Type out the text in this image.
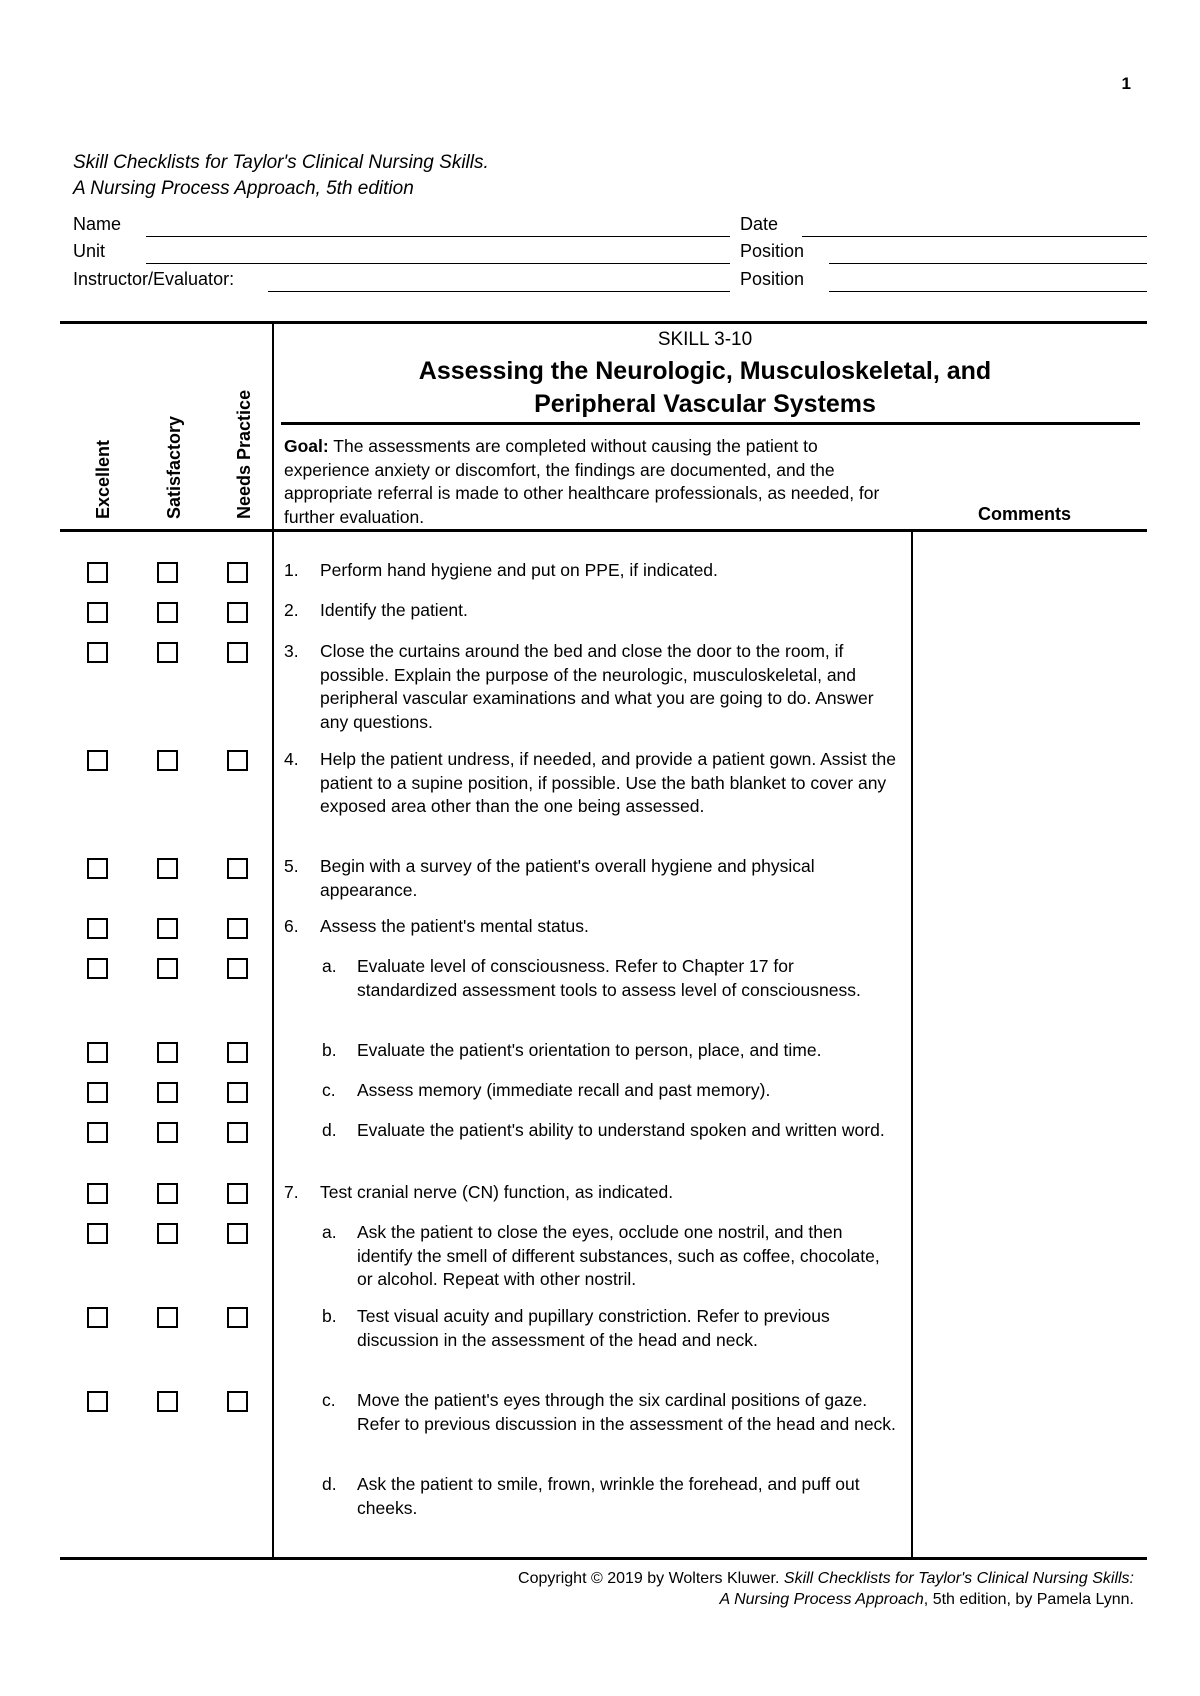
1
Skill Checklists for Taylor's Clinical Nursing Skills.
A Nursing Process Approach, 5th edition
Name
Unit
Instructor/Evaluator:
Date
Position
Position
Excellent	Satisfactory	Needs Practice
SKILL 3-10
Assessing the Neurologic, Musculoskeletal, and
Peripheral Vascular Systems
Goal: The assessments are completed without causing the patient to experience anxiety or discomfort, the findings are documented, and the appropriate referral is made to other healthcare professionals, as needed, for further evaluation.	Comments
1. Perform hand hygiene and put on PPE, if indicated.
2. Identify the patient.
3. Close the curtains around the bed and close the door to the room, if possible. Explain the purpose of the neurologic, musculoskeletal, and peripheral vascular examinations and what you are going to do. Answer any questions.
4. Help the patient undress, if needed, and provide a patient gown. Assist the patient to a supine position, if possible. Use the bath blanket to cover any exposed area other than the one being assessed.
5. Begin with a survey of the patient's overall hygiene and physical appearance.
6. Assess the patient's mental status.
a. Evaluate level of consciousness. Refer to Chapter 17 for standardized assessment tools to assess level of consciousness.
b. Evaluate the patient's orientation to person, place, and time.
c. Assess memory (immediate recall and past memory).
d. Evaluate the patient's ability to understand spoken and written word.
7. Test cranial nerve (CN) function, as indicated.
a. Ask the patient to close the eyes, occlude one nostril, and then identify the smell of different substances, such as coffee, chocolate, or alcohol. Repeat with other nostril.
b. Test visual acuity and pupillary constriction. Refer to previous discussion in the assessment of the head and neck.
c. Move the patient's eyes through the six cardinal positions of gaze. Refer to previous discussion in the assessment of the head and neck.
d. Ask the patient to smile, frown, wrinkle the forehead, and puff out cheeks.
Copyright © 2019 by Wolters Kluwer. Skill Checklists for Taylor's Clinical Nursing Skills:
A Nursing Process Approach, 5th edition, by Pamela Lynn.
